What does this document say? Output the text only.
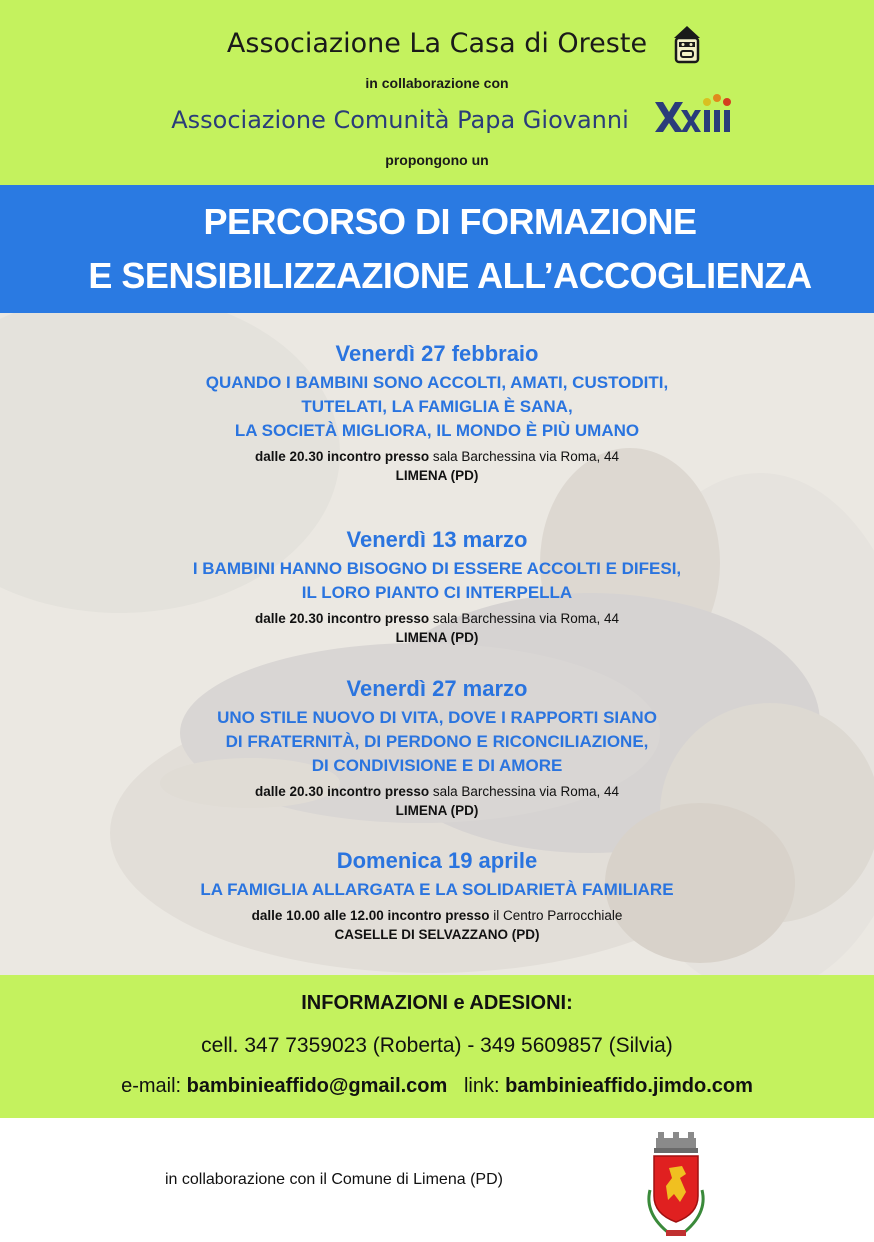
Associazione La Casa di Oreste
in collaborazione con
Associazione Comunità Papa Giovanni
propongono un
PERCORSO DI FORMAZIONE
E SENSIBILIZZAZIONE ALL’ACCOGLIENZA
Venerdì 27 febbraio
QUANDO I BAMBINI SONO ACCOLTI, AMATI, CUSTODITI,
TUTELATI, LA FAMIGLIA È SANA,
LA SOCIETÀ MIGLIORA, IL MONDO È PIÙ UMANO
dalle 20.30 incontro presso sala Barchessina via Roma, 44
LIMENA (PD)
Venerdì 13 marzo
I BAMBINI HANNO BISOGNO DI ESSERE ACCOLTI E DIFESI,
IL LORO PIANTO CI INTERPELLA
dalle 20.30 incontro presso sala Barchessina via Roma, 44
LIMENA (PD)
Venerdì 27 marzo
UNO STILE NUOVO DI VITA, DOVE I RAPPORTI SIANO
DI FRATERNITÀ, DI PERDONO E RICONCILIAZIONE,
DI CONDIVISIONE E DI AMORE
dalle 20.30 incontro presso sala Barchessina via Roma, 44
LIMENA (PD)
Domenica 19 aprile
LA FAMIGLIA ALLARGATA E LA SOLIDARIETÀ FAMILIARE
dalle 10.00 alle 12.00 incontro presso il Centro Parrocchiale
CASELLE DI SELVAZZANO (PD)
INFORMAZIONI e ADESIONI:
cell. 347 7359023 (Roberta) - 349 5609857 (Silvia)
e-mail: bambinieaffido@gmail.com link: bambinieaffido.jimdo.com
in collaborazione con il Comune di Limena (PD)
